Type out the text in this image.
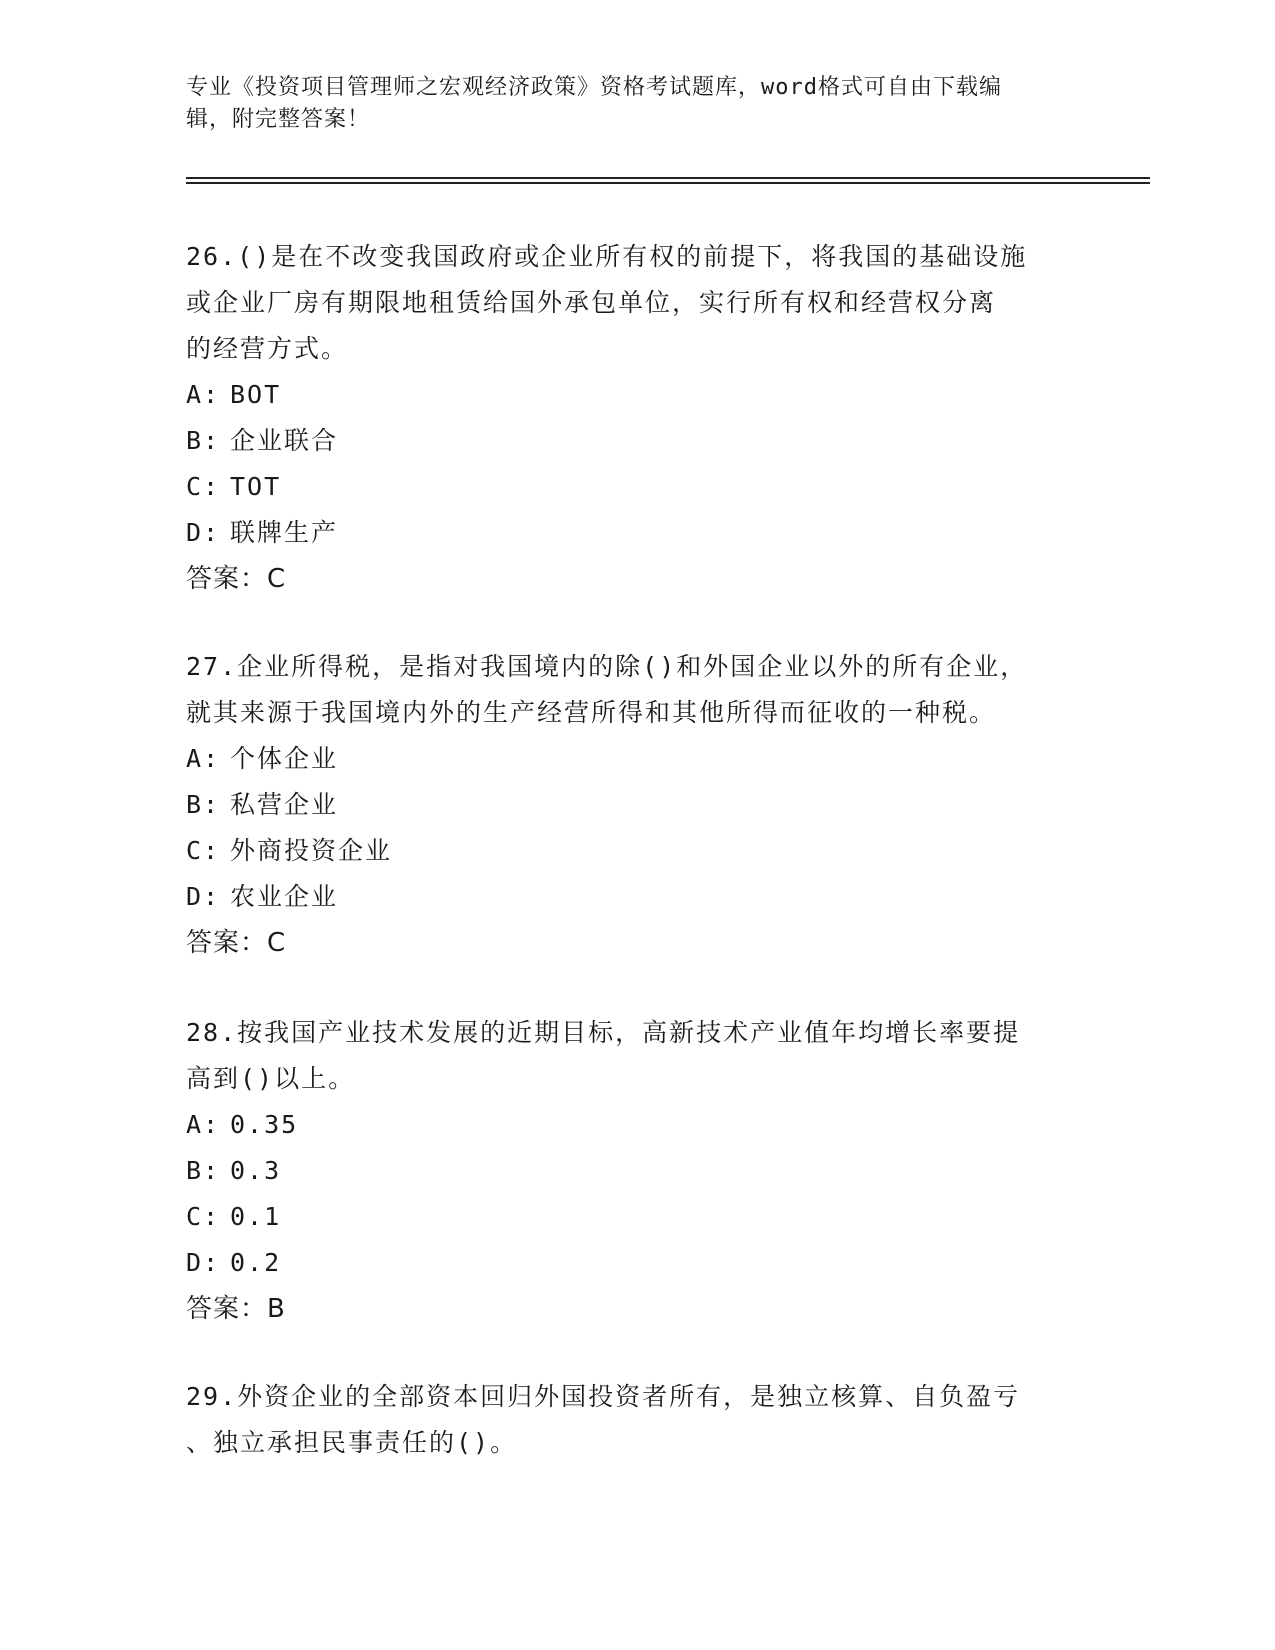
专业《投资项目管理师之宏观经济政策》资格考试题库，word格式可自由下载编
辑，附完整答案！
26.()是在不改变我国政府或企业所有权的前提下，将我国的基础设施
或企业厂房有期限地租赁给国外承包单位，实行所有权和经营权分离
的经营方式。
A: BOT
B: 企业联合
C: TOT
D: 联牌生产
答案：C
27.企业所得税，是指对我国境内的除()和外国企业以外的所有企业，
就其来源于我国境内外的生产经营所得和其他所得而征收的一种税。
A: 个体企业
B: 私营企业
C: 外商投资企业
D: 农业企业
答案：C
28.按我国产业技术发展的近期目标，高新技术产业值年均增长率要提
高到()以上。
A: 0.35
B: 0.3
C: 0.1
D: 0.2
答案：B
29.外资企业的全部资本回归外国投资者所有，是独立核算、自负盈亏
、独立承担民事责任的()。
